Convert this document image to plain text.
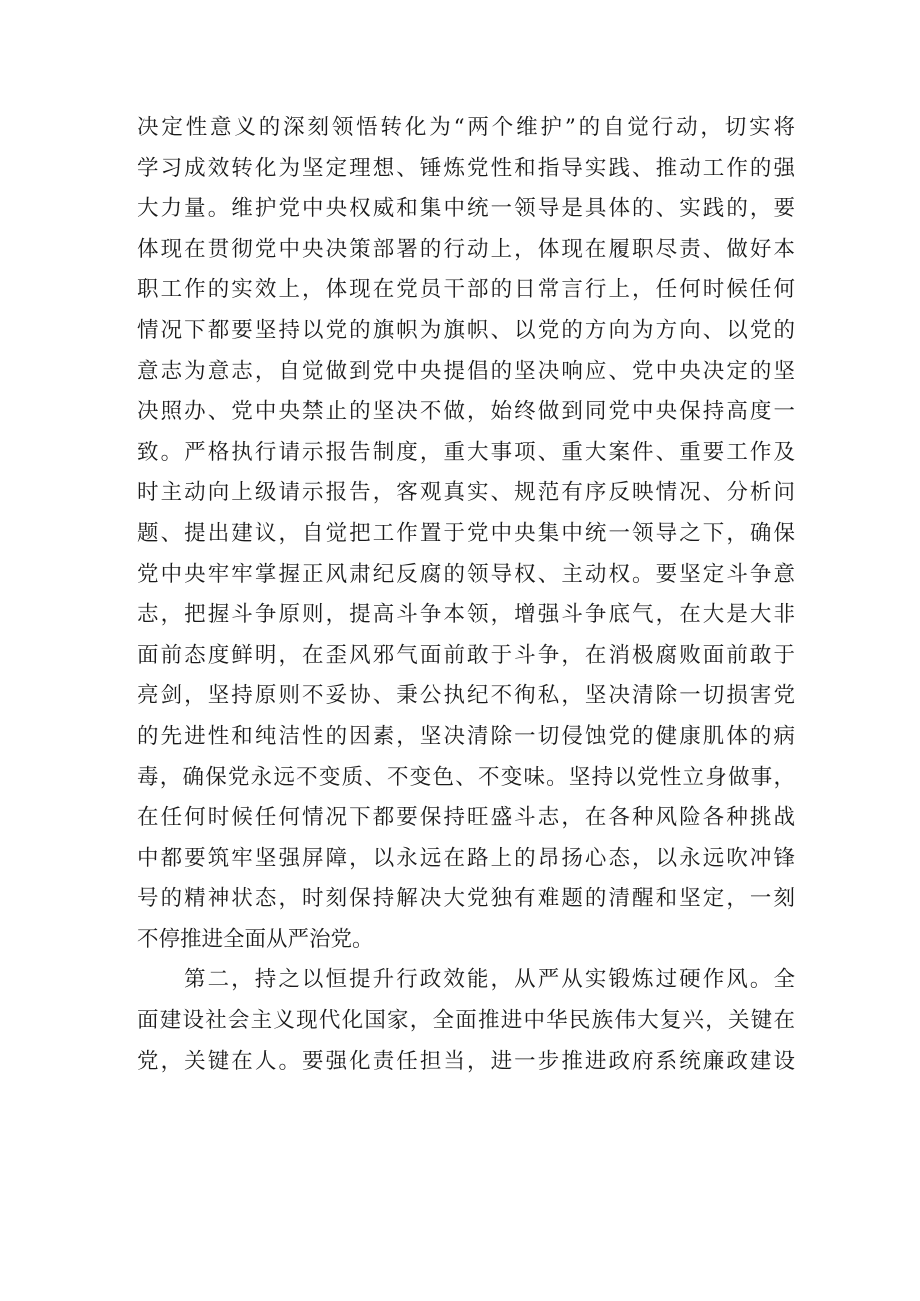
决定性意义的深刻领悟转化为“两个维护”的自觉行动，切实将
学习成效转化为坚定理想、锤炼党性和指导实践、推动工作的强
大力量。维护党中央权威和集中统一领导是具体的、实践的，要
体现在贯彻党中央决策部署的行动上，体现在履职尽责、做好本
职工作的实效上，体现在党员干部的日常言行上，任何时候任何
情况下都要坚持以党的旗帜为旗帜、以党的方向为方向、以党的
意志为意志，自觉做到党中央提倡的坚决响应、党中央决定的坚
决照办、党中央禁止的坚决不做，始终做到同党中央保持高度一
致。严格执行请示报告制度，重大事项、重大案件、重要工作及
时主动向上级请示报告，客观真实、规范有序反映情况、分析问
题、提出建议，自觉把工作置于党中央集中统一领导之下，确保
党中央牢牢掌握正风肃纪反腐的领导权、主动权。要坚定斗争意
志，把握斗争原则，提高斗争本领，增强斗争底气，在大是大非
面前态度鲜明，在歪风邪气面前敢于斗争，在消极腐败面前敢于
亮剑，坚持原则不妥协、秉公执纪不徇私，坚决清除一切损害党
的先进性和纯洁性的因素，坚决清除一切侵蚀党的健康肌体的病
毒，确保党永远不变质、不变色、不变味。坚持以党性立身做事，
在任何时候任何情况下都要保持旺盛斗志，在各种风险各种挑战
中都要筑牢坚强屏障，以永远在路上的昂扬心态，以永远吹冲锋
号的精神状态，时刻保持解决大党独有难题的清醒和坚定，一刻
不停推进全面从严治党。
第二，持之以恒提升行政效能，从严从实锻炼过硬作风。全
面建设社会主义现代化国家，全面推进中华民族伟大复兴，关键在
党，关键在人。要强化责任担当，进一步推进政府系统廉政建设
